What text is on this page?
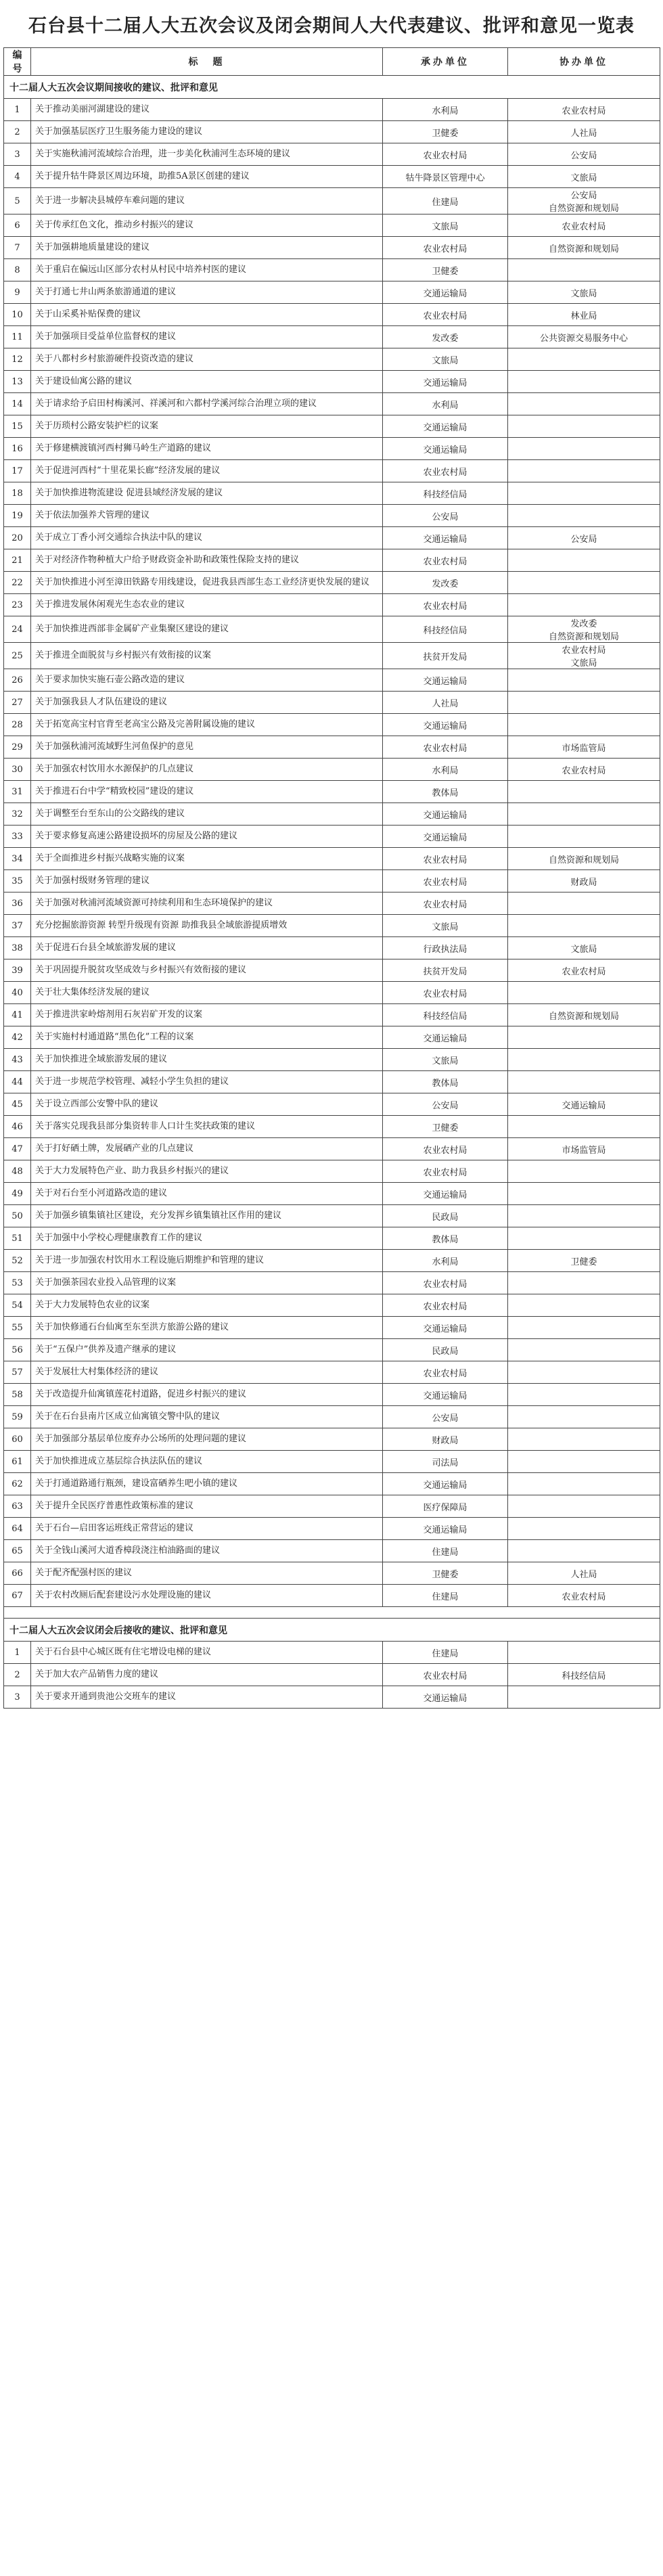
石台县十二届人大五次会议及闭会期间人大代表建议、批评和意见一览表
编号	标　题	承办单位	协办单位
十二届人大五次会议期间接收的建议、批评和意见			
1	关于推动美丽河湖建设的建议	水利局	农业农村局
2	关于加强基层医疗卫生服务能力建设的建议	卫健委	人社局
3	关于实施秋浦河流域综合治理，进一步美化秋浦河生态环境的建议	农业农村局	公安局
4	关于提升牯牛降景区周边环境，助推5A景区创建的建议	牯牛降景区管理中心	文旅局
5	关于进一步解决县城停车难问题的建议	住建局	公安局
自然资源和规划局
6	关于传承红色文化，推动乡村振兴的建议	文旅局	农业农村局
7	关于加强耕地质量建设的建议	农业农村局	自然资源和规划局
8	关于重启在偏远山区部分农村从村民中培养村医的建议	卫健委	
9	关于打通七井山两条旅游通道的建议	交通运输局	文旅局
10	关于山采奚补贴保费的建议	农业农村局	林业局
11	关于加强项目受益单位监督权的建议	发改委	公共资源交易服务中心
12	关于八都村乡村旅游硬件投资改造的建议	文旅局	
13	关于建设仙寓公路的建议	交通运输局	
14	关于请求给予启田村梅溪河、祥溪河和六都村学溪河综合治理立项的建议	水利局	
15	关于历琐村公路安装护栏的议案	交通运输局	
16	关于修建横渡镇河西村狮马岭生产道路的建议	交通运输局	
17	关于促进河西村“十里花果长廊”经济发展的建议	农业农村局	
18	关于加快推进物流建设 促进县域经济发展的建议	科技经信局	
19	关于依法加强养犬管理的建议	公安局	
20	关于成立丁香小河交通综合执法中队的建议	交通运输局	公安局
21	关于对经济作物种植大户给予财政资金补助和政策性保险支持的建议	农业农村局	
22	关于加快推进小河至漳田铁路专用线建设，促进我县西部生态工业经济更快发展的建议	发改委	
23	关于推进发展休闲观光生态农业的建议	农业农村局	
24	关于加快推进西部非金属矿产业集聚区建设的建议	科技经信局	发改委
自然资源和规划局
25	关于推进全面脱贫与乡村振兴有效衔接的议案	扶贫开发局	农业农村局
文旅局
26	关于要求加快实施石壶公路改造的建议	交通运输局	
27	关于加强我县人才队伍建设的建议	人社局	
28	关于拓宽高宝村官背至老高宝公路及完善附属设施的建议	交通运输局	
29	关于加强秋浦河流域野生河鱼保护的意见	农业农村局	市场监管局
30	关于加强农村饮用水水源保护的几点建议	水利局	农业农村局
31	关于推进石台中学“精致校园”建设的建议	教体局	
32	关于调整至台至东山的公交路线的建议	交通运输局	
33	关于要求修复高速公路建设损坏的房屋及公路的建议	交通运输局	
34	关于全面推进乡村振兴战略实施的议案	农业农村局	自然资源和规划局
35	关于加强村级财务管理的建议	农业农村局	财政局
36	关于加强对秋浦河流域资源可持续利用和生态环境保护的建议	农业农村局	
37	充分挖掘旅游资源 转型升级现有资源 助推我县全域旅游提质增效	文旅局	
38	关于促进石台县全域旅游发展的建议	行政执法局	文旅局
39	关于巩固提升脱贫攻坚成效与乡村振兴有效衔接的建议	扶贫开发局	农业农村局
40	关于壮大集体经济发展的建议	农业农村局	
41	关于推进洪家岭熔剂用石灰岩矿开发的议案	科技经信局	自然资源和规划局
42	关于实施村村通道路“黑色化”工程的议案	交通运输局	
43	关于加快推进全域旅游发展的建议	文旅局	
44	关于进一步规范学校管理、减轻小学生负担的建议	教体局	
45	关于设立西部公安警中队的建议	公安局	交通运输局
46	关于落实兑现我县部分集资转非人口计生奖扶政策的建议	卫健委	
47	关于打好硒土牌，发展硒产业的几点建议	农业农村局	市场监管局
48	关于大力发展特色产业、助力我县乡村振兴的建议	农业农村局	
49	关于对石台至小河道路改造的建议	交通运输局	
50	关于加强乡镇集镇社区建设，充分发挥乡镇集镇社区作用的建议	民政局	
51	关于加强中小学校心理健康教育工作的建议	教体局	
52	关于进一步加强农村饮用水工程设施后期维护和管理的建议	水利局	卫健委
53	关于加强茶园农业投入品管理的议案	农业农村局	
54	关于大力发展特色农业的议案	农业农村局	
55	关于加快修通石台仙寓至东至洪方旅游公路的建议	交通运输局	
56	关于“五保户”供养及遗产继承的建议	民政局	
57	关于发展壮大村集体经济的建议	农业农村局	
58	关于改造提升仙寓镇莲花村道路，促进乡村振兴的建议	交通运输局	
59	关于在石台县南片区成立仙寓镇交警中队的建议	公安局	
60	关于加强部分基层单位废弃办公场所的处理问题的建议	财政局	
61	关于加快推进成立基层综合执法队伍的建议	司法局	
62	关于打通道路通行瓶颈，建设富硒养生吧小镇的建议	交通运输局	
63	关于提升全民医疗普惠性政策标准的建议	医疗保障局	
64	关于石台—启田客运班线正常营运的建议	交通运输局	
65	关于全钱山溪河大道香樟段浇注柏油路面的建议	住建局	
66	关于配齐配强村医的建议	卫健委	人社局
67	关于农村改厕后配套建设污水处理设施的建议	住建局	农业农村局

十二届人大五次会议闭会后接收的建议、批评和意见			
1	关于石台县中心城区既有住宅增设电梯的建议	住建局	
2	关于加大农产品销售力度的建议	农业农村局	科技经信局
3	关于要求开通到贵池公交班车的建议	交通运输局	
